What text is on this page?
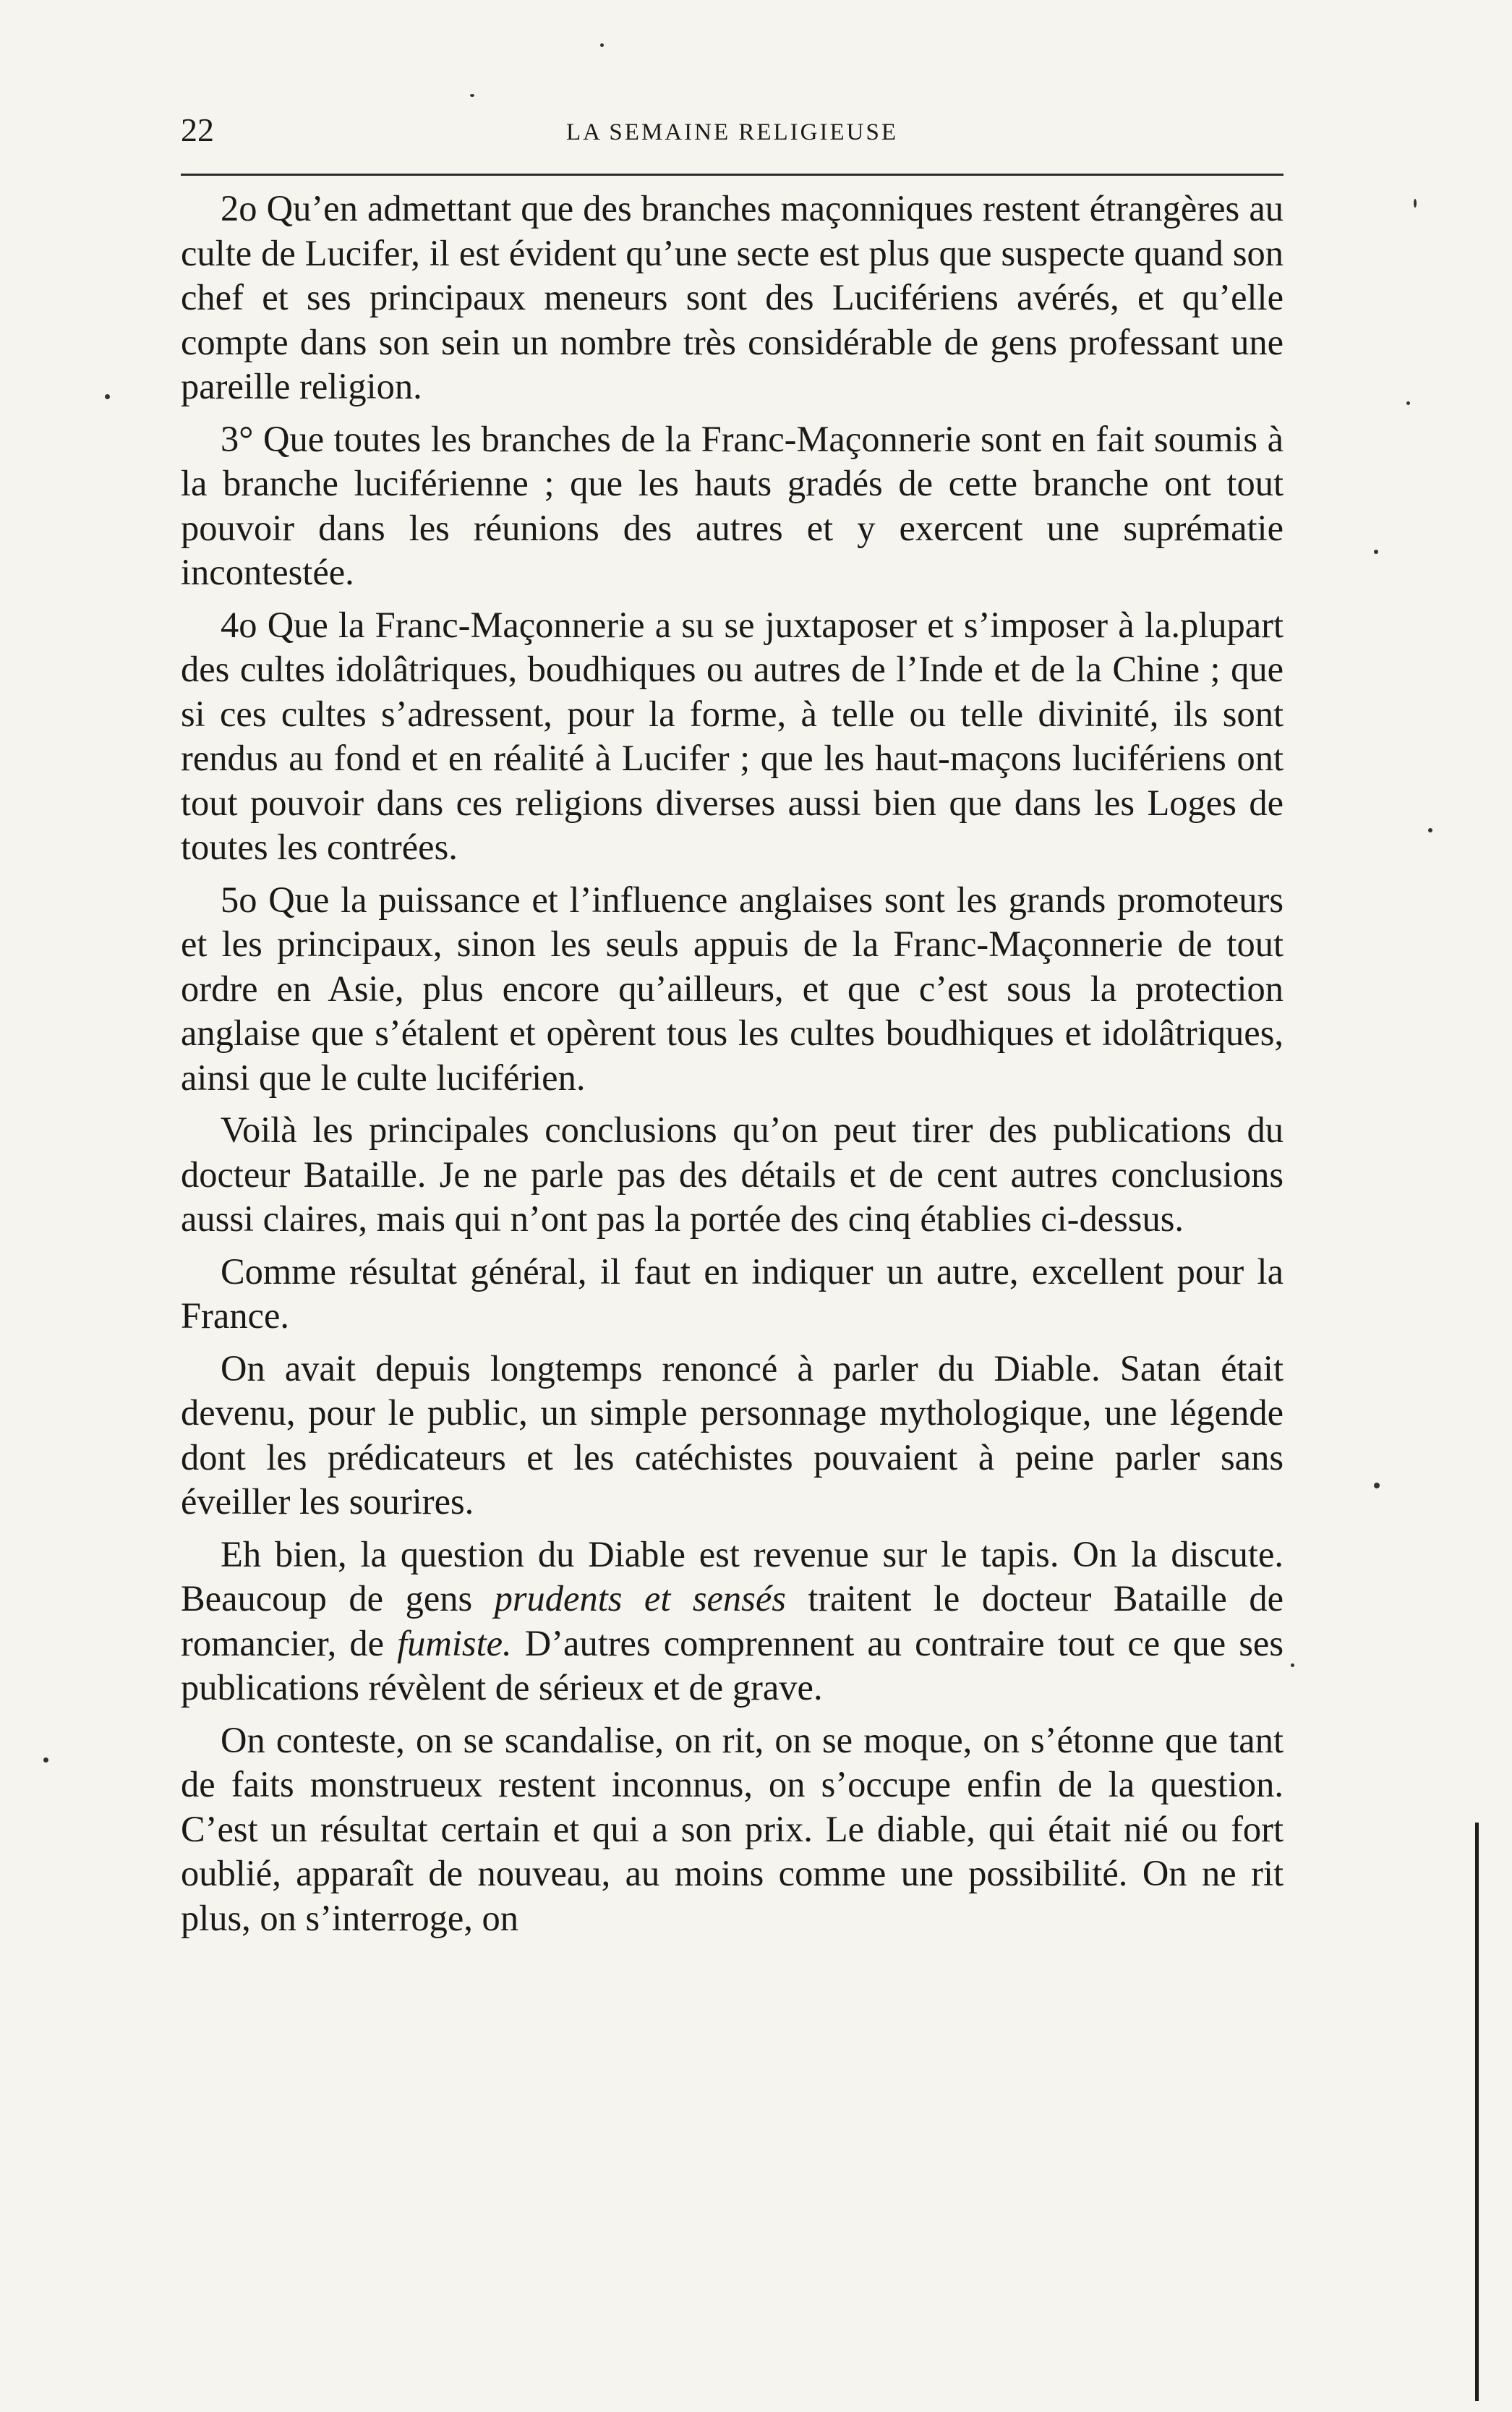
22	LA SEMAINE RELIGIEUSE

2o Qu’en admettant que des branches maçonniques restent étrangères au culte de Lucifer, il est évident qu’une secte est plus que suspecte quand son chef et ses principaux meneurs sont des Lucifériens avérés, et qu’elle compte dans son sein un nombre très considérable de gens professant une pareille religion.

3° Que toutes les branches de la Franc-Maçonnerie sont en fait soumis à la branche luciférienne ; que les hauts gradés de cette branche ont tout pouvoir dans les réunions des autres et y exercent une suprématie incontestée.

4o Que la Franc-Maçonnerie a su se juxtaposer et s’imposer à la.plupart des cultes idolâtriques, boudhiques ou autres de l’Inde et de la Chine ; que si ces cultes s’adressent, pour la forme, à telle ou telle divinité, ils sont rendus au fond et en réalité à Lucifer ; que les haut-maçons lucifériens ont tout pouvoir dans ces religions diverses aussi bien que dans les Loges de toutes les contrées.

5o Que la puissance et l’influence anglaises sont les grands promoteurs et les principaux, sinon les seuls appuis de la Franc-Maçonnerie de tout ordre en Asie, plus encore qu’ailleurs, et que c’est sous la protection anglaise que s’étalent et opèrent tous les cultes boudhiques et idolâtriques, ainsi que le culte luciférien.

Voilà les principales conclusions qu’on peut tirer des publications du docteur Bataille. Je ne parle pas des détails et de cent autres conclusions aussi claires, mais qui n’ont pas la portée des cinq établies ci-dessus.

Comme résultat général, il faut en indiquer un autre, excellent pour la France.

On avait depuis longtemps renoncé à parler du Diable. Satan était devenu, pour le public, un simple personnage mythologique, une légende dont les prédicateurs et les catéchistes pouvaient à peine parler sans éveiller les sourires.

Eh bien, la question du Diable est revenue sur le tapis. On la discute. Beaucoup de gens prudents et sensés traitent le docteur Bataille de romancier, de fumiste. D’autres comprennent au contraire tout ce que ses publications révèlent de sérieux et de grave.

On conteste, on se scandalise, on rit, on se moque, on s’étonne que tant de faits monstrueux restent inconnus, on s’occupe enfin de la question. C’est un résultat certain et qui a son prix. Le diable, qui était nié ou fort oublié, apparaît de nouveau, au moins comme une possibilité. On ne rit plus, on s’interroge, on
